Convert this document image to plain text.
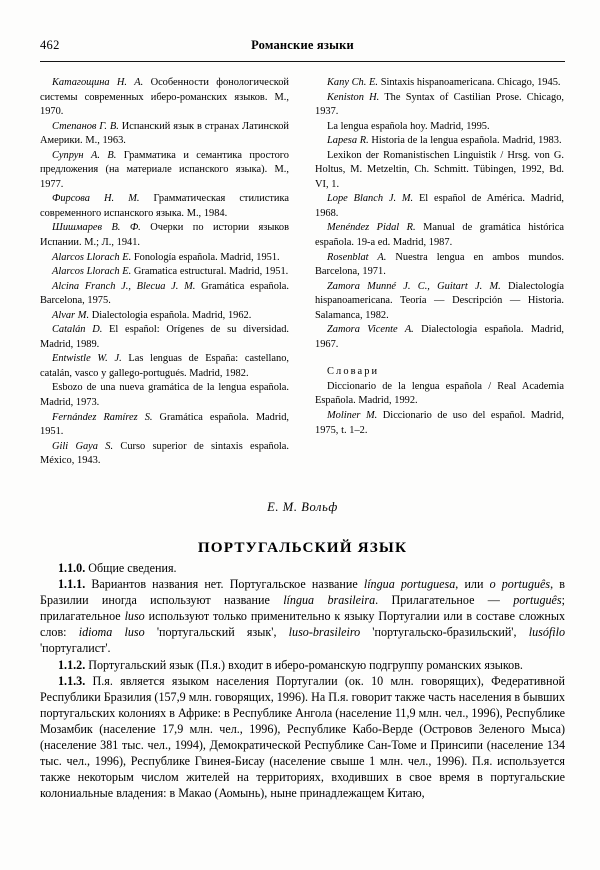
462	Романские языки

Катагощина Н. А. Особенности фонологической системы современных иберо-романских языков. М., 1970.

Степанов Г. В. Испанский язык в странах Латинской Америки. М., 1963.

Супрун А. В. Грамматика и семантика простого предложения (на материале испанского языка). М., 1977.

Фирсова Н. М. Грамматическая стилистика современного испанского языка. М., 1984.

Шишмарев В. Ф. Очерки по истории языков Испании. М.; Л., 1941.

Alarcos Llorach E. Fonología española. Madrid, 1951.

Alarcos Llorach E. Gramatica estructural. Madrid, 1951.

Alcina Franch J., Blecua J. M. Gramática española. Barcelona, 1975.

Alvar M. Dialectologia española. Madrid, 1962.

Catalán D. El español: Orígenes de su diversidad. Madrid, 1989.

Entwistle W. J. Las lenguas de España: castellano, catalán, vasco y gallego-portugués. Madrid, 1982.

Esbozo de una nueva gramática de la lengua española. Madrid, 1973.

Fernández Ramírez S. Gramática española. Madrid, 1951.

Gili Gaya S. Curso superior de sintaxis española. México, 1943.

Kany Ch. E. Sintaxis hispanoamericana. Chicago, 1945.

Keniston H. The Syntax of Castilian Prose. Chicago, 1937.

La lengua española hoy. Madrid, 1995.

Lapesa R. Historia de la lengua española. Madrid, 1983.

Lexikon der Romanistischen Linguistik / Hrsg. von G. Holtus, M. Metzeltin, Ch. Schmitt. Tübingen, 1992, Bd. VI, 1.

Lope Blanch J. M. El español de América. Madrid, 1968.

Menéndez Pidal R. Manual de gramática histórica española. 19-a ed. Madrid, 1987.

Rosenblat A. Nuestra lengua en ambos mundos. Barcelona, 1971.

Zamora Munné J. C., Guitart J. M. Dialectología hispanoamericana. Teoría — Descripción — Historia. Salamanca, 1982.

Zamora Vicente A. Dialectologia española. Madrid, 1967.

Словари

Diccionario de la lengua española / Real Academia Española. Madrid, 1992.

Moliner M. Diccionario de uso del español. Madrid, 1975, t. 1–2.

Е. М. Вольф

ПОРТУГАЛЬСКИЙ ЯЗЫК

1.1.0. Общие сведения.

1.1.1. Вариантов названия нет. Португальское название língua portuguesa, или o português, в Бразилии иногда используют название língua brasileira. Прилагательное — português; прилагательное luso используют только применительно к языку Португалии или в составе сложных слов: idioma luso 'португальский язык', luso-brasileiro 'португальско-бразильский', lusófilo 'португалист'.

1.1.2. Португальский язык (П.я.) входит в иберо-романскую подгруппу романских языков.

1.1.3. П.я. является языком населения Португалии (ок. 10 млн. говорящих), Федеративной Республики Бразилия (157,9 млн. говорящих, 1996). На П.я. говорит также часть населения в бывших португальских колониях в Африке: в Республике Ангола (население 11,9 млн. чел., 1996), Республике Мозамбик (население 17,9 млн. чел., 1996), Республике Кабо-Верде (Островов Зеленого Мыса) (население 381 тыс. чел., 1994), Демократической Республике Сан-Томе и Принсипи (население 134 тыс. чел., 1996), Республике Гвинея-Бисау (население свыше 1 млн. чел., 1996). П.я. используется также некоторым числом жителей на территориях, входивших в свое время в португальские колониальные владения: в Макао (Аомынь), ныне принадлежащем Китаю,
